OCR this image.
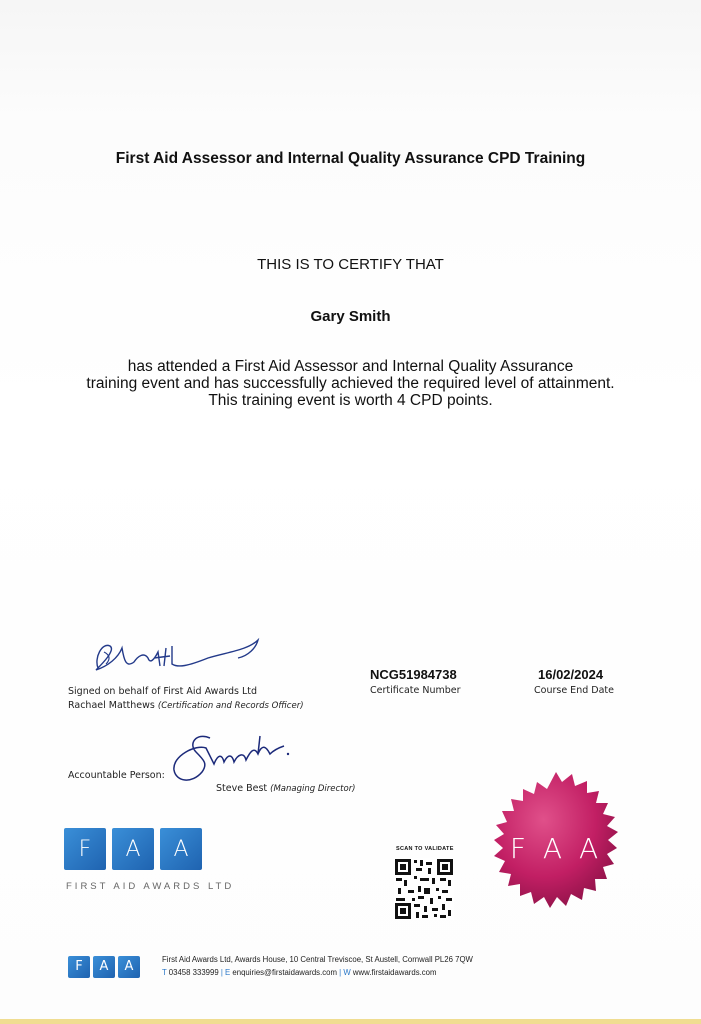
First Aid Assessor and Internal Quality Assurance CPD Training
THIS IS TO CERTIFY THAT
Gary Smith
has attended a First Aid Assessor and Internal Quality Assurance
training event and has successfully achieved the required level of attainment.
This training event is worth 4 CPD points.
Signed on behalf of First Aid Awards Ltd
Rachael Matthews (Certification and Records Officer)
NCG51984738
Certificate Number
16/02/2024
Course End Date
Accountable Person:
Steve Best (Managing Director)
F	A	A
FIRST AID AWARDS LTD
SCAN TO VALIDATE F A A
F	A	A	First Aid Awards Ltd, Awards House, 10 Central Treviscoe, St Austell, Cornwall PL26 7QW
T 03458 333999 | E enquiries@firstaidawards.com | W www.firstaidawards.com
